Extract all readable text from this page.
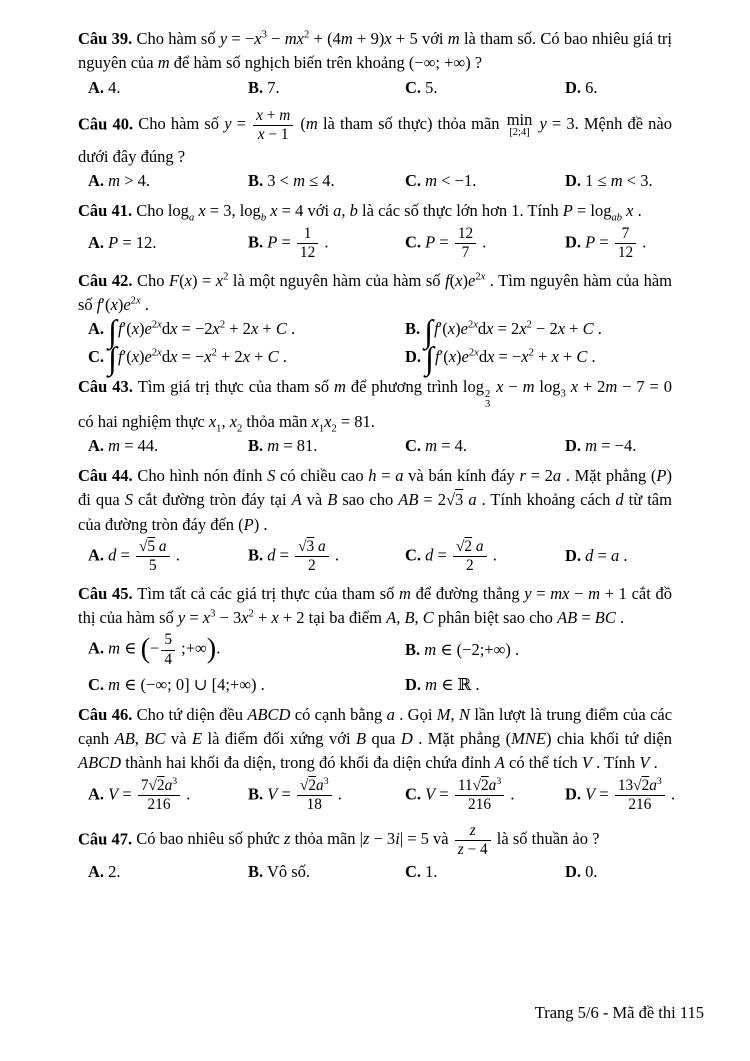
Câu 39. Cho hàm số $y = -x^3 - mx^2 + (4m + 9)x + 5$ với m là tham số. Có bao nhiêu giá trị nguyên của m để hàm số nghịch biến trên khoảng (−∞; +∞) ?

A. 4.	B. 7.	C. 5.	D. 6.

Câu 40. Cho hàm số $y = \frac{x + m}{x - 1} (m$ là tham số thực) thỏa mãn min
[2;4] y = 3. Mệnh đề nào dưới đây đúng ?

A. m > 4.	B. 3 < m ≤ 4.	C. m < −1.	D. 1 ≤ m < 3.

Câu 41. Cho $\log_a x = 3$, $\log_b x = 4$ với a, b là các số thực lớn hơn 1. Tính $P = \log_{ab} x$ .

A. P = 12.	B. $P = \frac{1}{12}$ .	C. $P = \frac{12}{7}$ .	D. $P = \frac{7}{12}$ .

Câu 42. Cho $F(x) = x^2$ là một nguyên hàm của hàm số $f(x)e^{2x}$ . Tìm nguyên hàm của hàm số $f'(x)e^{2x}$ .

A. $\int f'(x)e^{2x}dx = -2x^2 + 2x + C$ .	B. $\int f'(x)e^{2x}dx = 2x^2 - 2x + C$ .
C. $\int f'(x)e^{2x}dx = -x^2 + 2x + C$ .	D. $\int f'(x)e^{2x}dx = -x^2 + x + C$ .

Câu 43. Tìm giá trị thực của tham số m để phương trình log 2
3
x − m $\log_3 x + 2m - 7 = 0$ có hai nghiệm thực $x_1$, $x_2$ thỏa mãn $x_1x_2 = 81$.

A. m = 44.	B. m = 81.	C. m = 4.	D. m = −4.

Câu 44. Cho hình nón đỉnh S có chiều cao h = a và bán kính đáy r = 2a . Mặt phẳng (P) đi qua S cắt đường tròn đáy tại A và B sao cho AB = 2√3 a . Tính khoảng cách d từ tâm của đường tròn đáy đến (P) .

A. $d = \frac{√5 a}{5}$ .	B. $d = \frac{√3 a}{2}$ .	C. $d = \frac{√2 a}{2}$ .	D. d = a .

Câu 45. Tìm tất cả các giá trị thực của tham số m để đường thẳng y = mx − m + 1 cắt đồ thị của hàm số $y = x^3 - 3x^2 + x + 2$ tại ba điểm A, B, C phân biệt sao cho AB = BC .

A. m ∈ (− $\frac{5}{4}$ ;+∞).	B. m ∈ (−2;+∞) .
C. m ∈ (−∞; 0] ∪ [4;+∞) .	D. m ∈ ℝ .

Câu 46. Cho tứ diện đều ABCD có cạnh bằng a . Gọi M, N lần lượt là trung điểm của các cạnh AB, BC và E là điểm đối xứng với B qua D . Mặt phẳng (MNE) chia khối tứ diện ABCD thành hai khối đa diện, trong đó khối đa diện chứa đỉnh A có thể tích V . Tính V .

A. $V = \frac{7√2a^3}{216}$ .	B. $V = \frac{√2a^3}{18}$ .	C. $V = \frac{11√2a^3}{216}$ .	D. $V = \frac{13√2a^3}{216}$ .

Câu 47. Có bao nhiêu số phức z thỏa mãn |z − 3i| = 5 và $\frac{z}{z - 4}$ là số thuần ảo ?

A. 2.	B. Vô số.	C. 1.	D. 0.
Trang 5/6 - Mã đề thi 115
